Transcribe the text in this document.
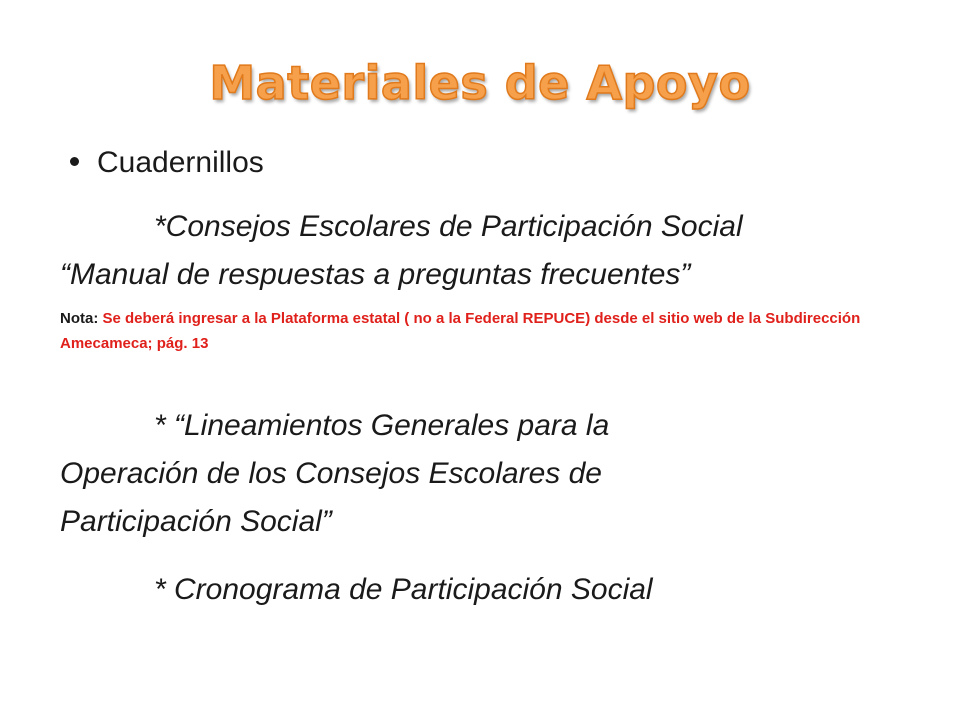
Materiales de Apoyo
Cuadernillos
*Consejos Escolares de Participación Social
“Manual de respuestas a preguntas frecuentes”
Nota: Se deberá ingresar a la Plataforma estatal ( no a la Federal REPUCE) desde el sitio web de la Subdirección Amecameca; pág. 13
* “Lineamientos Generales para la
Operación de los Consejos Escolares de
Participación Social”
* Cronograma de Participación Social
